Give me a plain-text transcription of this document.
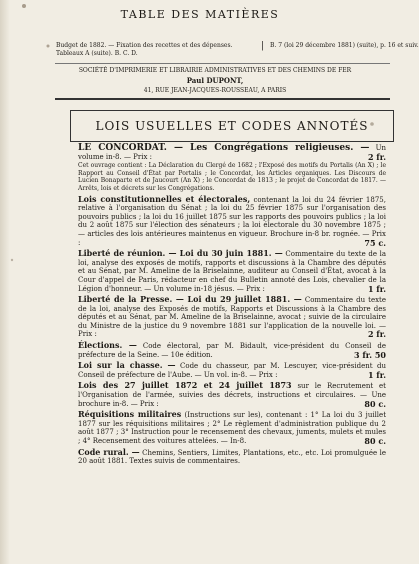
TABLE DES MATIÈRES
Budget de 1882. — Fixation des recettes et des dépenses. Tableaux A (suite). B. C. D.
| B. 7 (loi 29 décembre 1881) (suite), p. 16 et suiv.
SOCIÉTÉ D'IMPRIMERIE ET LIBRAIRIE ADMINISTRATIVES ET DES CHEMINS DE FER
Paul DUPONT,
41, RUE JEAN-JACQUES-ROUSSEAU, A PARIS
LOIS USUELLES ET CODES ANNOTÉS
LE CONCORDAT. — Les Congrégations religieuses. — Un volume in-8. — Prix :	2 fr.
Cet ouvrage contient : La Déclaration du Clergé de 1682 ; l'Exposé des motifs du Portalis (An X) ; le Rapport au Conseil d'État par Portalis ; le Concordat, les Articles organiques. Les Discours de Lucien Bonaparte et de Jaucourt (An X) ; le Concordat de 1813 ; le projet de Concordat de 1817. — Arrêts, lois et décrets sur les Congrégations.
Lois constitutionnelles et électorales, contenant la loi du 24 février 1875, relative à l'organisation du Sénat ; la loi du 25 février 1875 sur l'organisation des pouvoirs publics ; la loi du 16 juillet 1875 sur les rapports des pouvoirs publics ; la loi du 2 août 1875 sur l'élection des sénateurs ; la loi électorale du 30 novembre 1875 ; — articles des lois antérieures maintenus en vigueur. Brochure in-8 br. rognée. — Prix :	75 c.
Liberté de réunion. — Loi du 30 juin 1881. — Commentaire du texte de la loi, analyse des exposés de motifs, rapports et discussions à la Chambre des députés et au Sénat, par M. Ameline de la Briselainne, auditeur au Conseil d'État, avocat à la Cour d'appel de Paris, rédacteur en chef du Bulletin annoté des Lois, chevalier de la Légion d'honneur. — Un volume in-18 jésus. — Prix :	1 fr.
Liberté de la Presse. — Loi du 29 juillet 1881. — Commentaire du texte de la loi, analyse des Exposés de motifs, Rapports et Discussions à la Chambre des députés et au Sénat, par M. Ameline de la Briselainne, avocat ; suivie de la circulaire du Ministre de la justice du 9 novembre 1881 sur l'application de la nouvelle loi. — Prix :	2 fr.
Élections. — Code électoral, par M. Bidault, vice-président du Conseil de préfecture de la Seine. — 10e édition.	3 fr. 50
Loi sur la chasse. — Code du chasseur, par M. Lescuyer, vice-président du Conseil de préfecture de l'Aube. — Un vol. in-8. — Prix :	1 fr.
Lois des 27 juillet 1872 et 24 juillet 1873 sur le Recrutement et l'Organisation de l'armée, suivies des décrets, instructions et circulaires. — Une brochure in-8. — Prix :	80 c.
Réquisitions militaires (Instructions sur les), contenant : 1° La loi du 3 juillet 1877 sur les réquisitions militaires ; 2° Le règlement d'administration publique du 2 août 1877 ; 3° Instruction pour le recensement des chevaux, juments, mulets et mules ; 4° Recensement des voitures attelées. — In-8.	80 c.
Code rural. — Chemins, Sentiers, Limites, Plantations, etc., etc. Loi promulguée le 20 août 1881. Textes suivis de commentaires.
